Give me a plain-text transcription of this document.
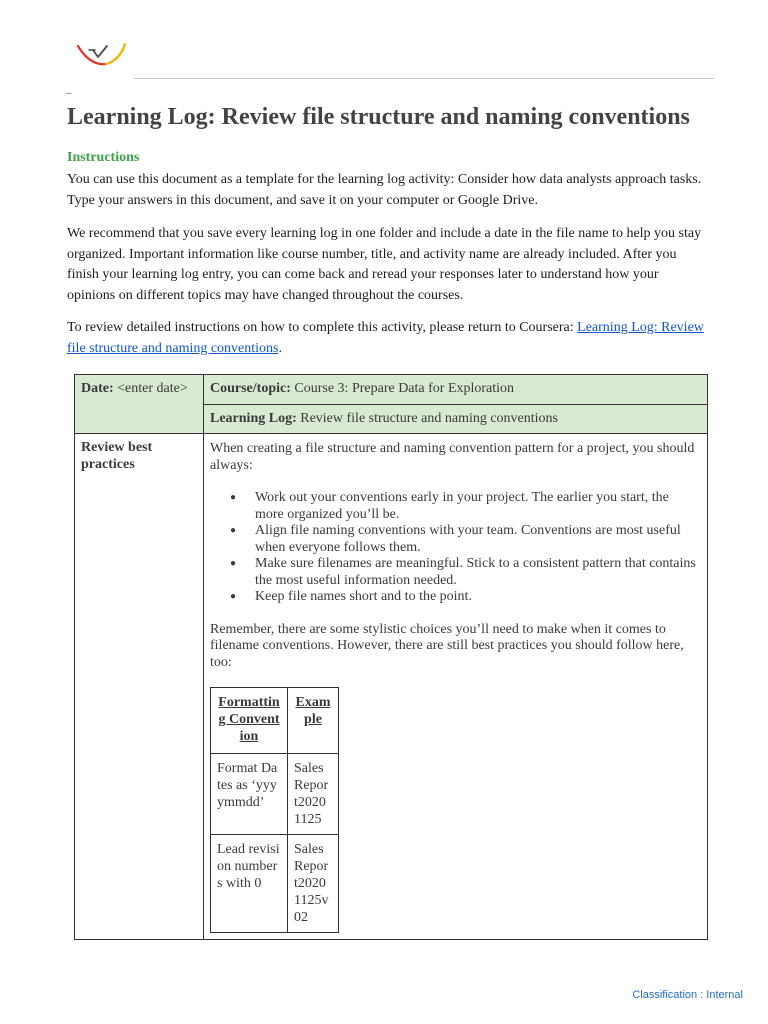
_
Learning Log: Review file structure and naming conventions
Instructions

You can use this document as a template for the learning log activity: Consider how data analysts approach tasks. Type your answers in this document, and save it on your computer or Google Drive.

We recommend that you save every learning log in one folder and include a date in the file name to help you stay organized. Important information like course number, title, and activity name are already included. After you finish your learning log entry, you can come back and reread your responses later to understand how your opinions on different topics may have changed throughout the courses.

To review detailed instructions on how to complete this activity, please return to Coursera: Learning Log: Review file structure and naming conventions.

Date: <enter date>	Course/topic: Course 3: Prepare Data for Exploration
Learning Log: Review file structure and naming conventions
Review best practices	

When creating a file structure and naming convention pattern for a project, you should always:

● Work out your conventions early in your project. The earlier you start, the more organized you’ll be.
● Align file naming conventions with your team. Conventions are most useful when everyone follows them.
● Make sure filenames are meaningful. Stick to a consistent pattern that contains the most useful information needed.
● Keep file names short and to the point.

Remember, there are some stylistic choices you’ll need to make when it comes to filename conventions. However, there are still best practices you should follow here, too:

Formatting Convention	Example
Format Dates as ‘yyyymmdd’	SalesReport20201125
Lead revision numbers with 0	SalesReport20201125v02
Classification : Internal
